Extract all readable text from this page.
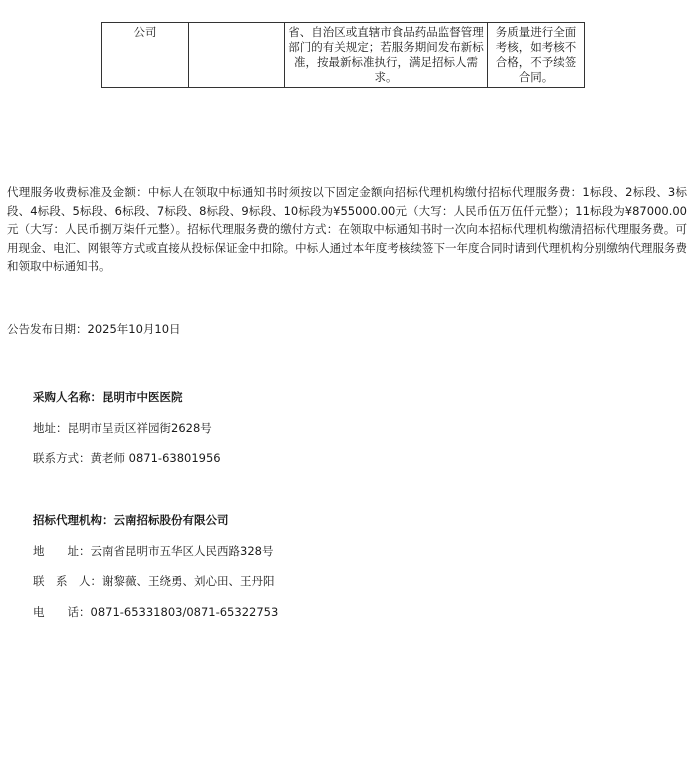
公司		省、自治区或直辖市食品药品监督管理部门的有关规定；若服务期间发布新标准，按最新标准执行，满足招标人需求。	务质量进行全面考核，如考核不合格，不予续签合同。
代理服务收费标准及金额：中标人在领取中标通知书时须按以下固定金额向招标代理机构缴付招标代理服务费：1标段、2标段、3标段、4标段、5标段、6标段、7标段、8标段、9标段、10标段为¥55000.00元（大写：人民币伍万伍仟元整）；11标段为¥87000.00元（大写：人民币捌万柒仟元整）。招标代理服务费的缴付方式：在领取中标通知书时一次向本招标代理机构缴清招标代理服务费。可用现金、电汇、网银等方式或直接从投标保证金中扣除。中标人通过本年度考核续签下一年度合同时请到代理机构分别缴纳代理服务费和领取中标通知书。
公告发布日期：2025年10月10日
采购人名称：昆明市中医医院
地址：昆明市呈贡区祥园街2628号
联系方式：黄老师 0871-63801956
招标代理机构：云南招标股份有限公司
地　　址：云南省昆明市五华区人民西路328号
联　系　人：谢黎薇、王绕勇、刘心田、王丹阳
电　　话：0871-65331803/0871-65322753
